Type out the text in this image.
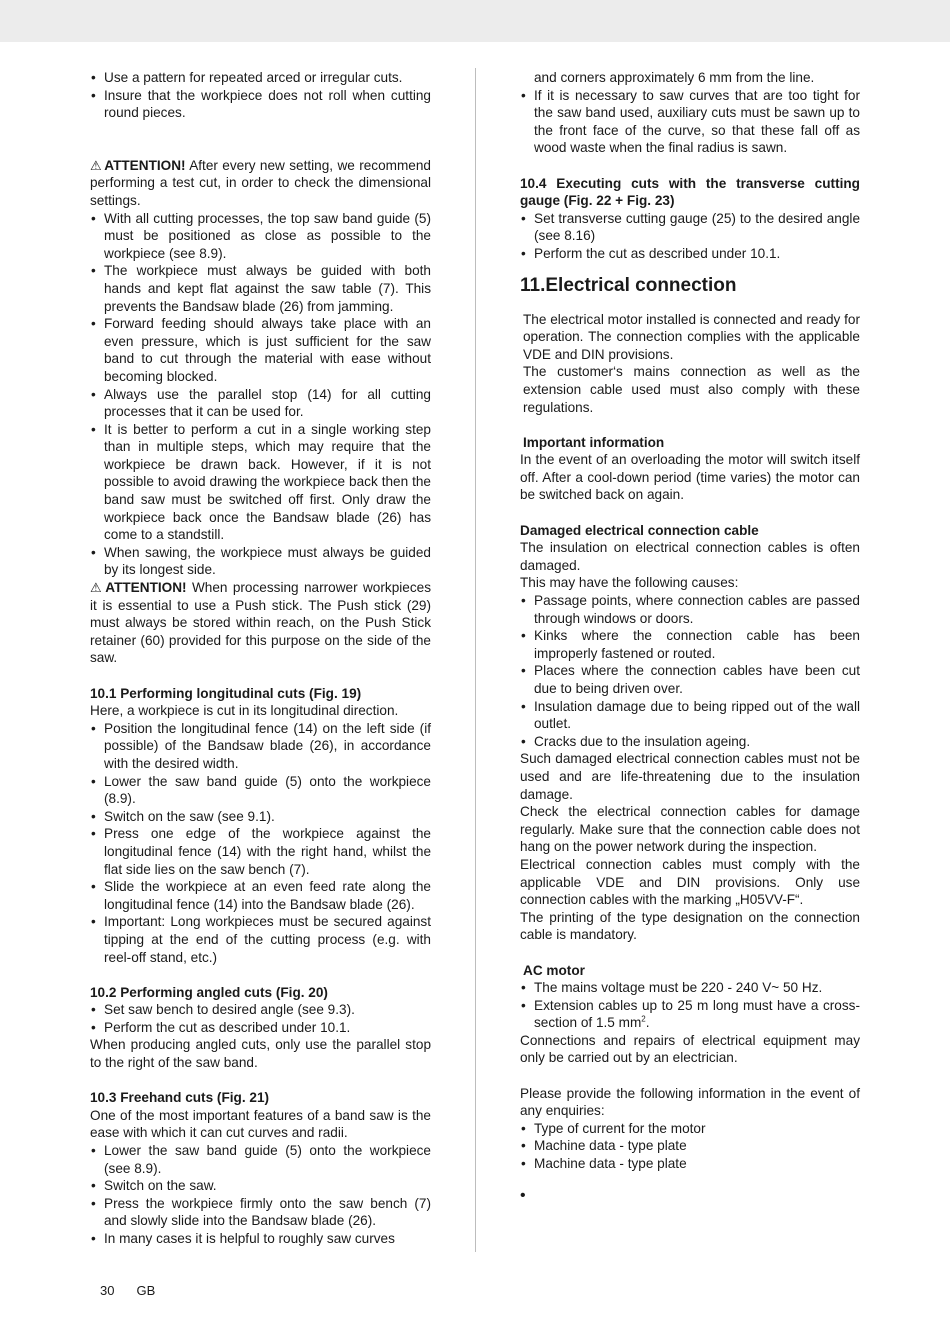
• Use a pattern for repeated arced or irregular cuts.
• Insure that the workpiece does not roll when cutting round pieces.

⚠ ATTENTION! After every new setting, we recommend performing a test cut, in order to check the dimensional settings.

• With all cutting processes, the top saw band guide (5) must be positioned as close as possible to the workpiece (see 8.9).
• The workpiece must always be guided with both hands and kept flat against the saw table (7). This prevents the Bandsaw blade (26) from jamming.
• Forward feeding should always take place with an even pressure, which is just sufficient for the saw band to cut through the material with ease without becoming blocked.
• Always use the parallel stop (14) for all cutting processes that it can be used for.
• It is better to perform a cut in a single working step than in multiple steps, which may require that the workpiece be drawn back. However, if it is not possible to avoid drawing the workpiece back then the band saw must be switched off first. Only draw the workpiece back once the Bandsaw blade (26) has come to a standstill.
• When sawing, the workpiece must always be guided by its longest side.

⚠ ATTENTION! When processing narrower workpieces it is essential to use a Push stick. The Push stick (29) must always be stored within reach, on the Push Stick retainer (60) provided for this purpose on the side of the saw.

10.1 Performing longitudinal cuts (Fig. 19)

Here, a workpiece is cut in its longitudinal direction.

• Position the longitudinal fence (14) on the left side (if possible) of the Bandsaw blade (26), in accordance with the desired width.
• Lower the saw band guide (5) onto the workpiece (8.9).
• Switch on the saw (see 9.1).
• Press one edge of the workpiece against the longitudinal fence (14) with the right hand, whilst the flat side lies on the saw bench (7).
• Slide the workpiece at an even feed rate along the longitudinal fence (14) into the Bandsaw blade (26).
• Important: Long workpieces must be secured against tipping at the end of the cutting process (e.g. with reel-off stand, etc.)

10.2 Performing angled cuts (Fig. 20)

• Set saw bench to desired angle (see 9.3).
• Perform the cut as described under 10.1.

When producing angled cuts, only use the parallel stop to the right of the saw band.

10.3 Freehand cuts (Fig. 21)

One of the most important features of a band saw is the ease with which it can cut curves and radii.

• Lower the saw band guide (5) onto the workpiece (see 8.9).
• Switch on the saw.
• Press the workpiece firmly onto the saw bench (7) and slowly slide into the Bandsaw blade (26).
• In many cases it is helpful to roughly saw curves

and corners approximately 6 mm from the line.

• If it is necessary to saw curves that are too tight for the saw band used, auxiliary cuts must be sawn up to the front face of the curve, so that these fall off as wood waste when the final radius is sawn.

10.4 Executing cuts with the transverse cutting gauge (Fig. 22 + Fig. 23)

• Set transverse cutting gauge (25) to the desired angle (see 8.16)
• Perform the cut as described under 10.1.
11.Electrical connection

The electrical motor installed is connected and ready for operation. The connection complies with the applicable VDE and DIN provisions.

The customer‘s mains connection as well as the extension cable used must also comply with these regulations.

Important information

In the event of an overloading the motor will switch itself off. After a cool-down period (time varies) the motor can be switched back on again.

Damaged electrical connection cable

The insulation on electrical connection cables is often damaged.

This may have the following causes:

• Passage points, where connection cables are passed through windows or doors.
• Kinks where the connection cable has been improperly fastened or routed.
• Places where the connection cables have been cut due to being driven over.
• Insulation damage due to being ripped out of the wall outlet.
• Cracks due to the insulation ageing.

Such damaged electrical connection cables must not be used and are life-threatening due to the insulation damage.

Check the electrical connection cables for damage regularly. Make sure that the connection cable does not hang on the power network during the inspection.

Electrical connection cables must comply with the applicable VDE and DIN provisions. Only use connection cables with the marking „H05VV-F“.

The printing of the type designation on the connection cable is mandatory.

AC motor

• The mains voltage must be 220 - 240 V~ 50 Hz.
• Extension cables up to 25 m long must have a cross-section of 1.5 $mm^2$.

Connections and repairs of electrical equipment may only be carried out by an electrician.

Please provide the following information in the event of any enquiries:

• Type of current for the motor
• Machine data - type plate
• Machine data - type plate

•

30 GB
